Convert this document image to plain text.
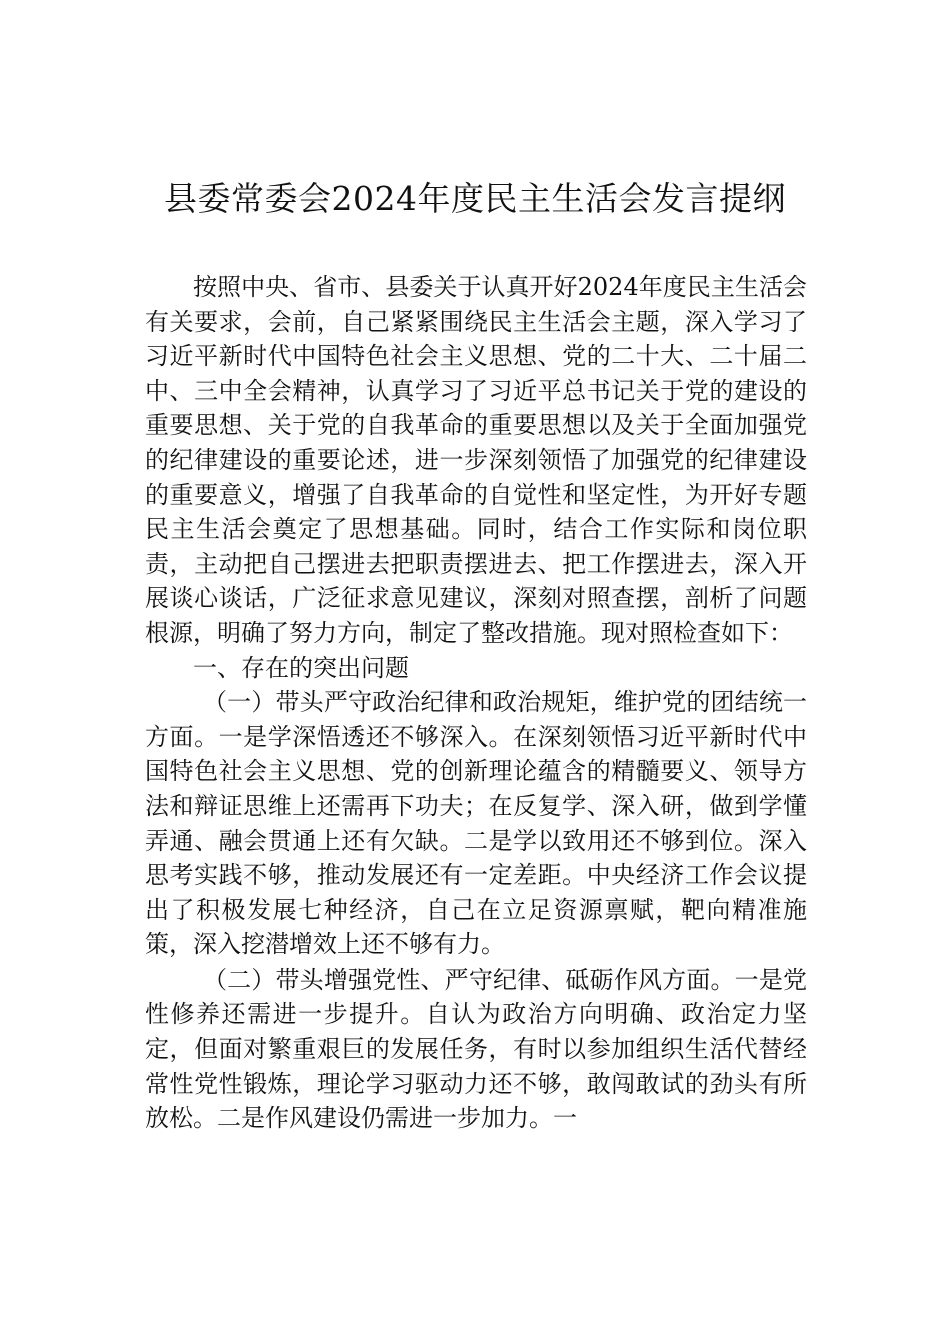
县委常委会2024年度民主生活会发言提纲

按照中央、省市、县委关于认真开好2024年度民主生活会有关要求，会前，自己紧紧围绕民主生活会主题，深入学习了习近平新时代中国特色社会主义思想、党的二十大、二十届二中、三中全会精神，认真学习了习近平总书记关于党的建设的重要思想、关于党的自我革命的重要思想以及关于全面加强党的纪律建设的重要论述，进一步深刻领悟了加强党的纪律建设的重要意义，增强了自我革命的自觉性和坚定性，为开好专题民主生活会奠定了思想基础。同时，结合工作实际和岗位职责，主动把自己摆进去把职责摆进去、把工作摆进去，深入开展谈心谈话，广泛征求意见建议，深刻对照查摆，剖析了问题根源，明确了努力方向，制定了整改措施。现对照检查如下：

一、存在的突出问题

（一）带头严守政治纪律和政治规矩，维护党的团结统一方面。一是学深悟透还不够深入。在深刻领悟习近平新时代中国特色社会主义思想、党的创新理论蕴含的精髓要义、领导方法和辩证思维上还需再下功夫；在反复学、深入研，做到学懂弄通、融会贯通上还有欠缺。二是学以致用还不够到位。深入思考实践不够，推动发展还有一定差距。中央经济工作会议提出了积极发展七种经济，自己在立足资源禀赋，靶向精准施策，深入挖潜增效上还不够有力。

（二）带头增强党性、严守纪律、砥砺作风方面。一是党性修养还需进一步提升。自认为政治方向明确、政治定力坚定，但面对繁重艰巨的发展任务，有时以参加组织生活代替经常性党性锻炼，理论学习驱动力还不够，敢闯敢试的劲头有所放松。二是作风建设仍需进一步加力。一
